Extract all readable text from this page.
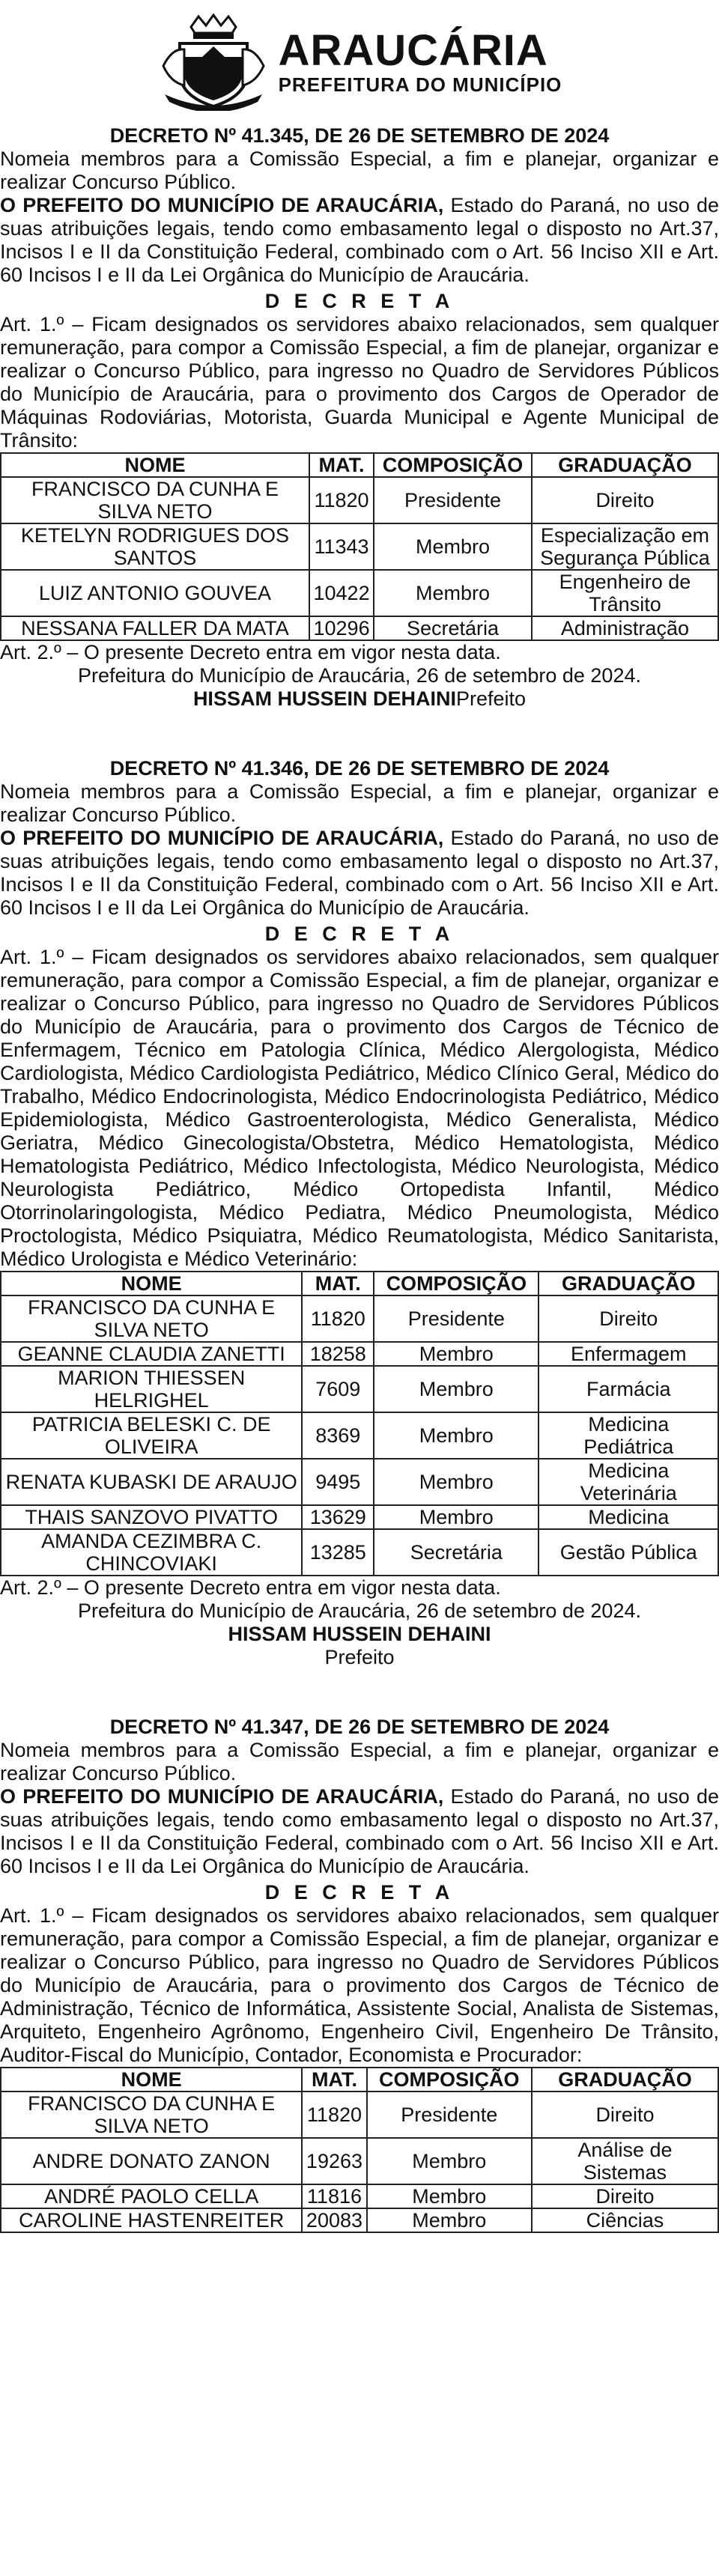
ARAUCÁRIA
PREFEITURA DO MUNICÍPIO

DECRETO Nº 41.345, DE 26 DE SETEMBRO DE 2024

Nomeia membros para a Comissão Especial, a fim e planejar, organizar e realizar Concurso Público.

O PREFEITO DO MUNICÍPIO DE ARAUCÁRIA, Estado do Paraná, no uso de suas atribuições legais, tendo como embasamento legal o disposto no Art.37, Incisos I e II da Constituição Federal, combinado com o Art. 56 Inciso XII e Art. 60 Incisos I e II da Lei Orgânica do Município de Araucária.

D E C R E T A

Art. 1.º – Ficam designados os servidores abaixo relacionados, sem qualquer remuneração, para compor a Comissão Especial, a fim de planejar, organizar e realizar o Concurso Público, para ingresso no Quadro de Servidores Públicos do Município de Araucária, para o provimento dos Cargos de Operador de Máquinas Rodoviárias, Motorista, Guarda Municipal e Agente Municipal de Trânsito:

NOME	MAT.	COMPOSIÇÃO	GRADUAÇÃO
FRANCISCO DA CUNHA E SILVA NETO	11820	Presidente	Direito
KETELYN RODRIGUES DOS SANTOS	11343	Membro	Especialização em Segurança Pública
LUIZ ANTONIO GOUVEA	10422	Membro	Engenheiro de Trânsito
NESSANA FALLER DA MATA	10296	Secretária	Administração

Art. 2.º – O presente Decreto entra em vigor nesta data.

Prefeitura do Município de Araucária, 26 de setembro de 2024.

HISSAM HUSSEIN DEHAINIPrefeito

DECRETO Nº 41.346, DE 26 DE SETEMBRO DE 2024

Nomeia membros para a Comissão Especial, a fim e planejar, organizar e realizar Concurso Público.

O PREFEITO DO MUNICÍPIO DE ARAUCÁRIA, Estado do Paraná, no uso de suas atribuições legais, tendo como embasamento legal o disposto no Art.37, Incisos I e II da Constituição Federal, combinado com o Art. 56 Inciso XII e Art. 60 Incisos I e II da Lei Orgânica do Município de Araucária.

D E C R E T A

Art. 1.º – Ficam designados os servidores abaixo relacionados, sem qualquer remuneração, para compor a Comissão Especial, a fim de planejar, organizar e realizar o Concurso Público, para ingresso no Quadro de Servidores Públicos do Município de Araucária, para o provimento dos Cargos de Técnico de Enfermagem, Técnico em Patologia Clínica, Médico Alergologista, Médico Cardiologista, Médico Cardiologista Pediátrico, Médico Clínico Geral, Médico do Trabalho, Médico Endocrinologista, Médico Endocrinologista Pediátrico, Médico Epidemiologista, Médico Gastroenterologista, Médico Generalista, Médico Geriatra, Médico Ginecologista/Obstetra, Médico Hematologista, Médico Hematologista Pediátrico, Médico Infectologista, Médico Neurologista, Médico Neurologista Pediátrico, Médico Ortopedista Infantil, Médico Otorrinolaringologista, Médico Pediatra, Médico Pneumologista, Médico Proctologista, Médico Psiquiatra, Médico Reumatologista, Médico Sanitarista, Médico Urologista e Médico Veterinário:

NOME	MAT.	COMPOSIÇÃO	GRADUAÇÃO
FRANCISCO DA CUNHA E SILVA NETO	11820	Presidente	Direito
GEANNE CLAUDIA ZANETTI	18258	Membro	Enfermagem
MARION THIESSEN HELRIGHEL	7609	Membro	Farmácia
PATRICIA BELESKI C. DE OLIVEIRA	8369	Membro	Medicina Pediátrica
RENATA KUBASKI DE ARAUJO	9495	Membro	Medicina Veterinária
THAIS SANZOVO PIVATTO	13629	Membro	Medicina
AMANDA CEZIMBRA C. CHINCOVIAKI	13285	Secretária	Gestão Pública

Art. 2.º – O presente Decreto entra em vigor nesta data.

Prefeitura do Município de Araucária, 26 de setembro de 2024.

HISSAM HUSSEIN DEHAINI

Prefeito

DECRETO Nº 41.347, DE 26 DE SETEMBRO DE 2024

Nomeia membros para a Comissão Especial, a fim e planejar, organizar e realizar Concurso Público.

O PREFEITO DO MUNICÍPIO DE ARAUCÁRIA, Estado do Paraná, no uso de suas atribuições legais, tendo como embasamento legal o disposto no Art.37, Incisos I e II da Constituição Federal, combinado com o Art. 56 Inciso XII e Art. 60 Incisos I e II da Lei Orgânica do Município de Araucária.

D E C R E T A

Art. 1.º – Ficam designados os servidores abaixo relacionados, sem qualquer remuneração, para compor a Comissão Especial, a fim de planejar, organizar e realizar o Concurso Público, para ingresso no Quadro de Servidores Públicos do Município de Araucária, para o provimento dos Cargos de Técnico de Administração, Técnico de Informática, Assistente Social, Analista de Sistemas, Arquiteto, Engenheiro Agrônomo, Engenheiro Civil, Engenheiro De Trânsito, Auditor-Fiscal do Município, Contador, Economista e Procurador:

NOME	MAT.	COMPOSIÇÃO	GRADUAÇÃO
FRANCISCO DA CUNHA E SILVA NETO	11820	Presidente	Direito
ANDRE DONATO ZANON	19263	Membro	Análise de Sistemas
ANDRÉ PAOLO CELLA	11816	Membro	Direito
CAROLINE HASTENREITER	20083	Membro	Ciências
